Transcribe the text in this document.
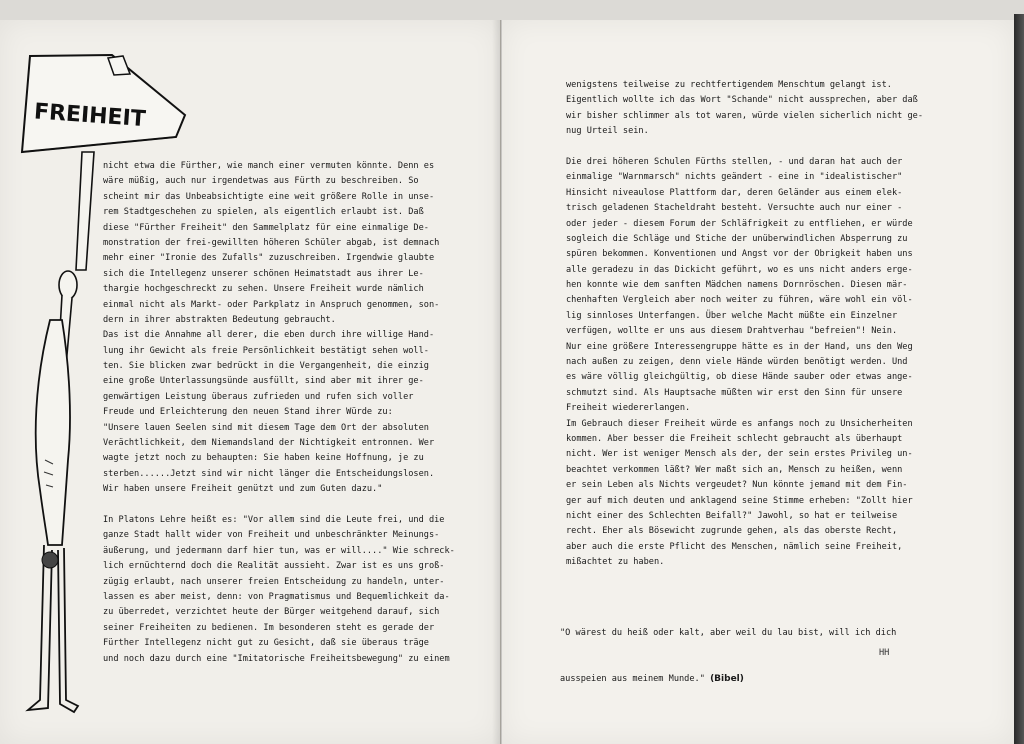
FREIHEIT
nicht etwa die Fürther, wie manch einer vermuten könnte. Denn es
wäre müßig, auch nur irgendetwas aus Fürth zu beschreiben. So
scheint mir das Unbeabsichtigte eine weit größere Rolle in unse-
rem Stadtgeschehen zu spielen, als eigentlich erlaubt ist. Daß
diese "Fürther Freiheit" den Sammelplatz für eine einmalige De-
monstration der frei-gewillten höheren Schüler abgab, ist demnach
mehr einer "Ironie des Zufalls" zuzuschreiben. Irgendwie glaubte
sich die Intellegenz unserer schönen Heimatstadt aus ihrer Le-
thargie hochgeschreckt zu sehen. Unsere Freiheit wurde nämlich
einmal nicht als Markt- oder Parkplatz in Anspruch genommen, son-
dern in ihrer abstrakten Bedeutung gebraucht.
Das ist die Annahme all derer, die eben durch ihre willige Hand-
lung ihr Gewicht als freie Persönlichkeit bestätigt sehen woll-
ten. Sie blicken zwar bedrückt in die Vergangenheit, die einzig
eine große Unterlassungsünde ausfüllt, sind aber mit ihrer ge-
genwärtigen Leistung überaus zufrieden und rufen sich voller
Freude und Erleichterung den neuen Stand ihrer Würde zu:
"Unsere lauen Seelen sind mit diesem Tage dem Ort der absoluten
Verächtlichkeit, dem Niemandsland der Nichtigkeit entronnen. Wer
wagte jetzt noch zu behaupten: Sie haben keine Hoffnung, je zu
sterben......Jetzt sind wir nicht länger die Entscheidungslosen.
Wir haben unsere Freiheit genützt und zum Guten dazu."
In Platons Lehre heißt es: "Vor allem sind die Leute frei, und die
ganze Stadt hallt wider von Freiheit und unbeschränkter Meinungs-
äußerung, und jedermann darf hier tun, was er will...." Wie schreck-
lich ernüchternd doch die Realität aussieht. Zwar ist es uns groß-
zügig erlaubt, nach unserer freien Entscheidung zu handeln, unter-
lassen es aber meist, denn: von Pragmatismus und Bequemlichkeit da-
zu überredet, verzichtet heute der Bürger weitgehend darauf, sich
seiner Freiheiten zu bedienen. Im besonderen steht es gerade der
Fürther Intellegenz nicht gut zu Gesicht, daß sie überaus träge
und noch dazu durch eine "Imitatorische Freiheitsbewegung" zu einem
wenigstens teilweise zu rechtfertigendem Menschtum gelangt ist.
Eigentlich wollte ich das Wort "Schande" nicht aussprechen, aber daß
wir bisher schlimmer als tot waren, würde vielen sicherlich nicht ge-
nug Urteil sein.
Die drei höheren Schulen Fürths stellen, - und daran hat auch der
einmalige "Warnmarsch" nichts geändert - eine in "idealistischer"
Hinsicht niveaulose Plattform dar, deren Geländer aus einem elek-
trisch geladenen Stacheldraht besteht. Versuchte auch nur einer -
oder jeder - diesem Forum der Schläfrigkeit zu entfliehen, er würde
sogleich die Schläge und Stiche der unüberwindlichen Absperrung zu
spüren bekommen. Konventionen und Angst vor der Obrigkeit haben uns
alle geradezu in das Dickicht geführt, wo es uns nicht anders erge-
hen konnte wie dem sanften Mädchen namens Dornröschen. Diesen mär-
chenhaften Vergleich aber noch weiter zu führen, wäre wohl ein völ-
lig sinnloses Unterfangen. Über welche Macht müßte ein Einzelner
verfügen, wollte er uns aus diesem Drahtverhau "befreien"! Nein.
Nur eine größere Interessengruppe hätte es in der Hand, uns den Weg
nach außen zu zeigen, denn viele Hände würden benötigt werden. Und
es wäre völlig gleichgültig, ob diese Hände sauber oder etwas ange-
schmutzt sind. Als Hauptsache müßten wir erst den Sinn für unsere
Freiheit wiedererlangen.
Im Gebrauch dieser Freiheit würde es anfangs noch zu Unsicherheiten
kommen. Aber besser die Freiheit schlecht gebraucht als überhaupt
nicht. Wer ist weniger Mensch als der, der sein erstes Privileg un-
beachtet verkommen läßt? Wer maßt sich an, Mensch zu heißen, wenn
er sein Leben als Nichts vergeudet? Nun könnte jemand mit dem Fin-
ger auf mich deuten und anklagend seine Stimme erheben: "Zollt hier
nicht einer des Schlechten Beifall?" Jawohl, so hat er teilweise
recht. Eher als Bösewicht zugrunde gehen, als das oberste Recht,
aber auch die erste Pflicht des Menschen, nämlich seine Freiheit,
mißachtet zu haben.

"O wärest du heiß oder kalt, aber weil du lau bist, will ich dich

ausspeien aus meinem Munde." (Bibel)

HH
